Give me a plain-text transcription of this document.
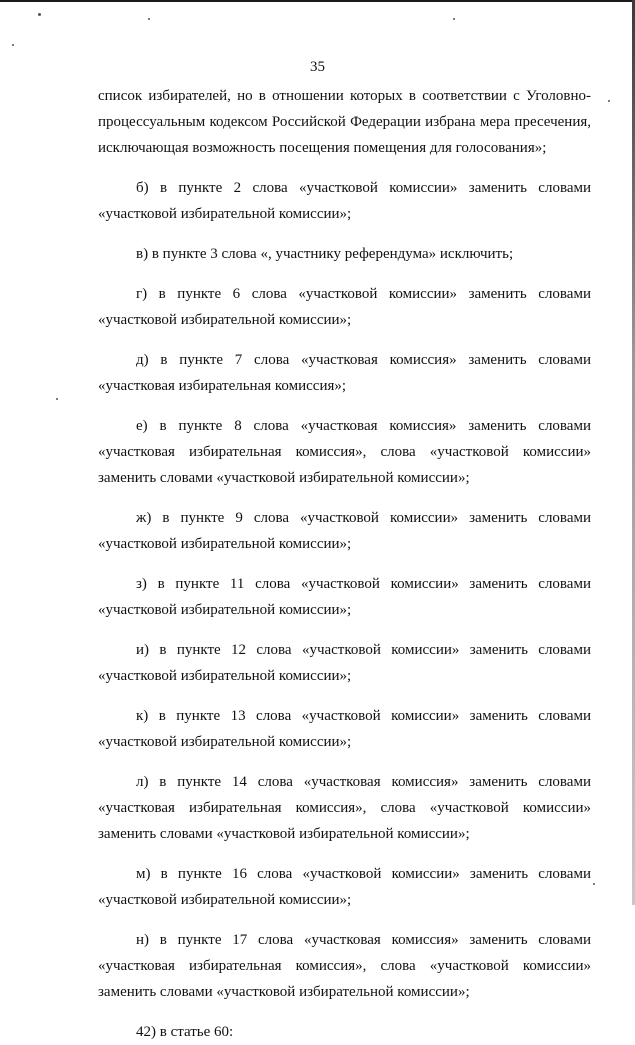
35

список избирателей, но в отношении которых в соответствии с Уголовно-процессуальным кодексом Российской Федерации избрана мера пресечения, исключающая возможность посещения помещения для голосования»;

б) в пункте 2 слова «участковой комиссии» заменить словами «участковой избирательной комиссии»;

в) в пункте 3 слова «, участнику референдума» исключить;

г) в пункте 6 слова «участковой комиссии» заменить словами «участковой избирательной комиссии»;

д) в пункте 7 слова «участковая комиссия» заменить словами «участковая избирательная комиссия»;

е) в пункте 8 слова «участковая комиссия» заменить словами «участковая избирательная комиссия», слова «участковой комиссии» заменить словами «участковой избирательной комиссии»;

ж) в пункте 9 слова «участковой комиссии» заменить словами «участковой избирательной комиссии»;

з) в пункте 11 слова «участковой комиссии» заменить словами «участковой избирательной комиссии»;

и) в пункте 12 слова «участковой комиссии» заменить словами «участковой избирательной комиссии»;

к) в пункте 13 слова «участковой комиссии» заменить словами «участковой избирательной комиссии»;

л) в пункте 14 слова «участковая комиссия» заменить словами «участковая избирательная комиссия», слова «участковой комиссии» заменить словами «участковой избирательной комиссии»;

м) в пункте 16 слова «участковой комиссии» заменить словами «участковой избирательной комиссии»;

н) в пункте 17 слова «участковая комиссия» заменить словами «участковая избирательная комиссия», слова «участковой комиссии» заменить словами «участковой избирательной комиссии»;

42) в статье 60:
